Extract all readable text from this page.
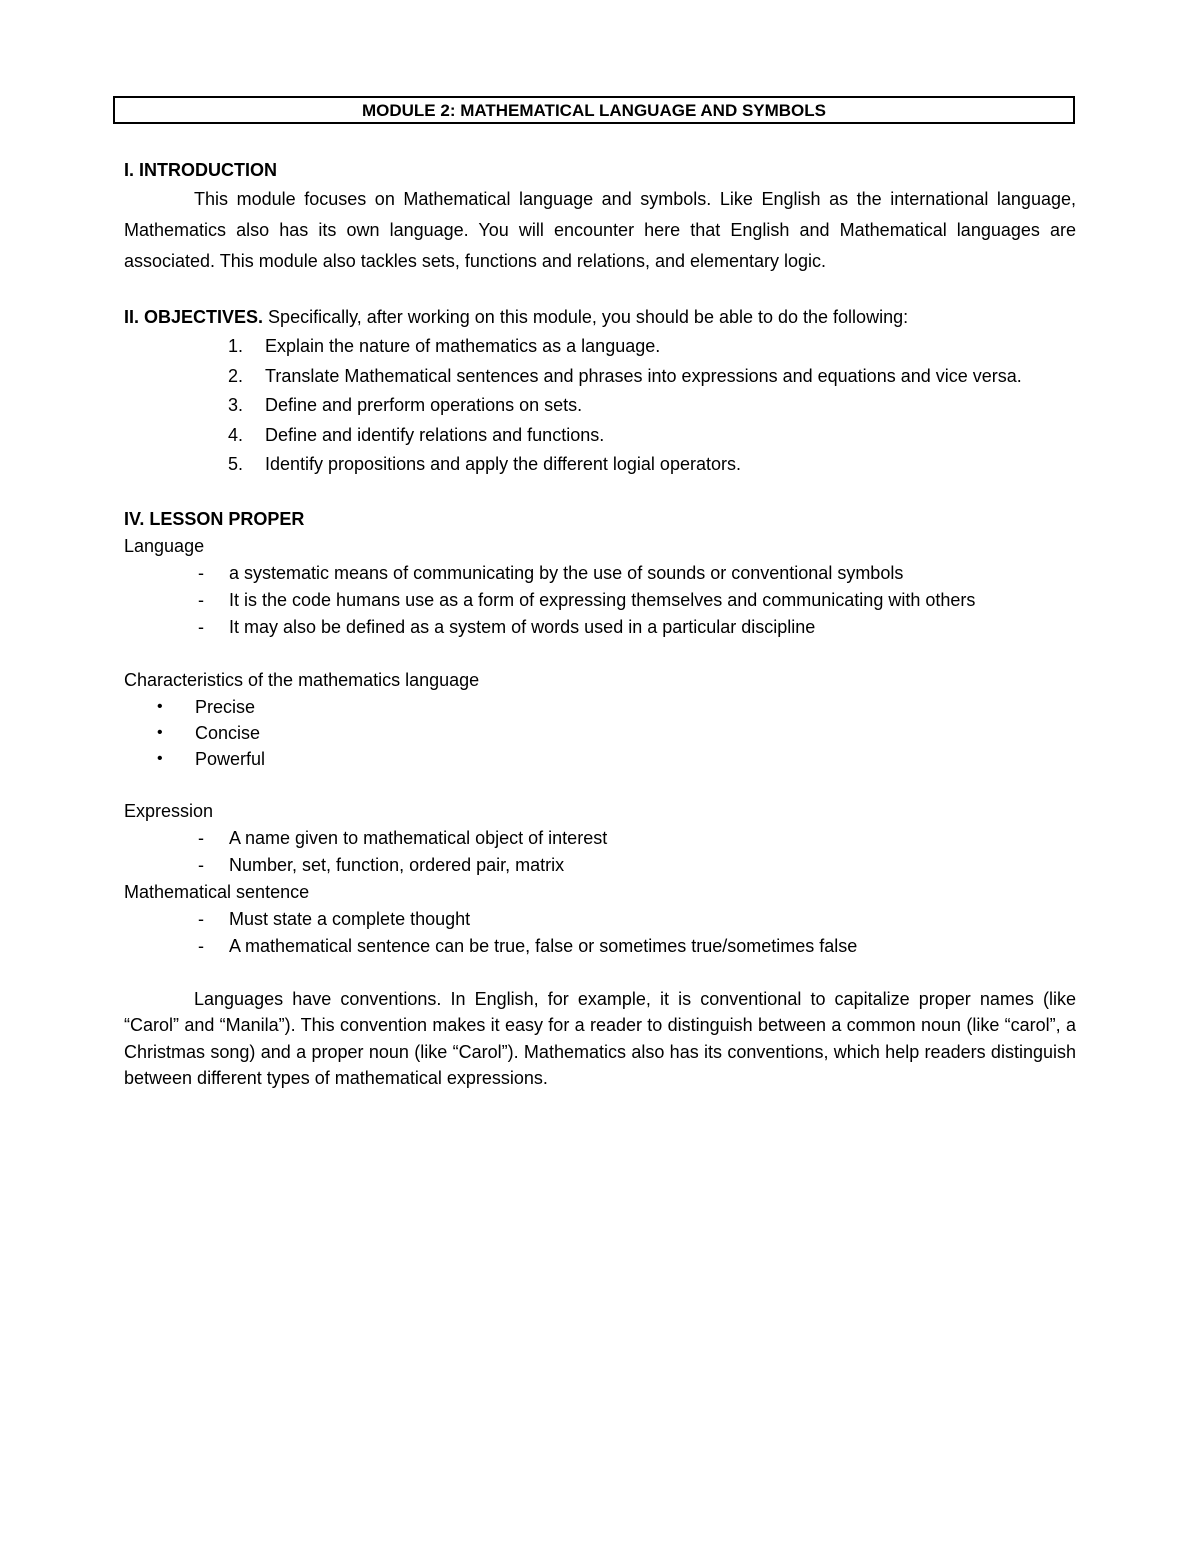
MODULE 2: MATHEMATICAL LANGUAGE AND SYMBOLS
I. INTRODUCTION

This module focuses on Mathematical language and symbols. Like English as the international language, Mathematics also has its own language. You will encounter here that English and Mathematical languages are associated. This module also tackles sets, functions and relations, and elementary logic.

II. OBJECTIVES. Specifically, after working on this module, you should be able to do the following:
1. Explain the nature of mathematics as a language.
2. Translate Mathematical sentences and phrases into expressions and equations and vice versa.
3. Define and prerform operations on sets.
4. Define and identify relations and functions.
5. Identify propositions and apply the different logial operators.
IV. LESSON PROPER
Language
- a systematic means of communicating by the use of sounds or conventional symbols
- It is the code humans use as a form of expressing themselves and communicating with others
- It may also be defined as a system of words used in a particular discipline
Characteristics of the mathematics language
• Precise
• Concise
• Powerful
Expression
- A name given to mathematical object of interest
- Number, set, function, ordered pair, matrix
Mathematical sentence
- Must state a complete thought
- A mathematical sentence can be true, false or sometimes true/sometimes false

Languages have conventions. In English, for example, it is conventional to capitalize proper names (like “Carol” and “Manila”). This convention makes it easy for a reader to distinguish between a common noun (like “carol”, a Christmas song) and a proper noun (like “Carol”). Mathematics also has its conventions, which help readers distinguish between different types of mathematical expressions.
